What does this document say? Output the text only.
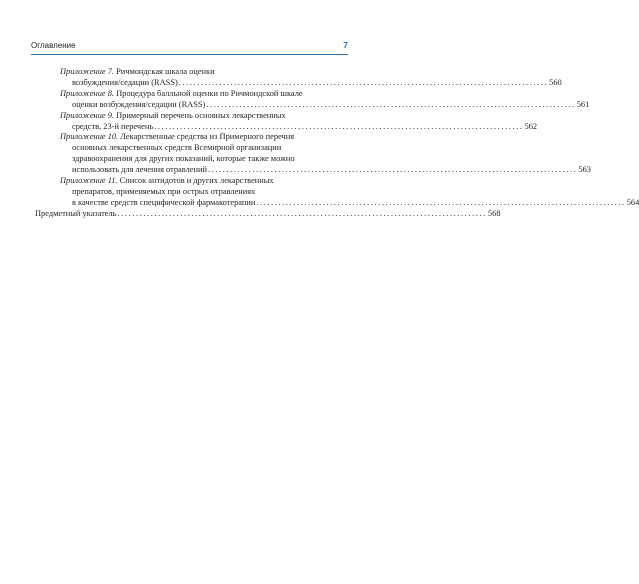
Оглавление	7
Приложение 7. Ричмондская шкала оценки
возбуждения/седации (RASS) .................................................................................................... 560
Приложение 8. Процедура балльной оценки по Ричмондской шкале
оценки возбуждения/седации (RASS) .................................................................................................... 561
Приложение 9. Примерный перечень основных лекарственных
средств, 23-й перечень .................................................................................................... 562
Приложение 10. Лекарственные средства из Примерного перечня
основных лекарственных средств Всемирной организации
здравоохранения для других показаний, которые также можно
использовать для лечения отравлений .................................................................................................... 563
Приложение 11. Список антидотов и других лекарственных
препаратов, применяемых при острых отравлениях
в качестве средств специфической фармакотерапии .................................................................................................... 564
Предметный указатель .................................................................................................... 568
